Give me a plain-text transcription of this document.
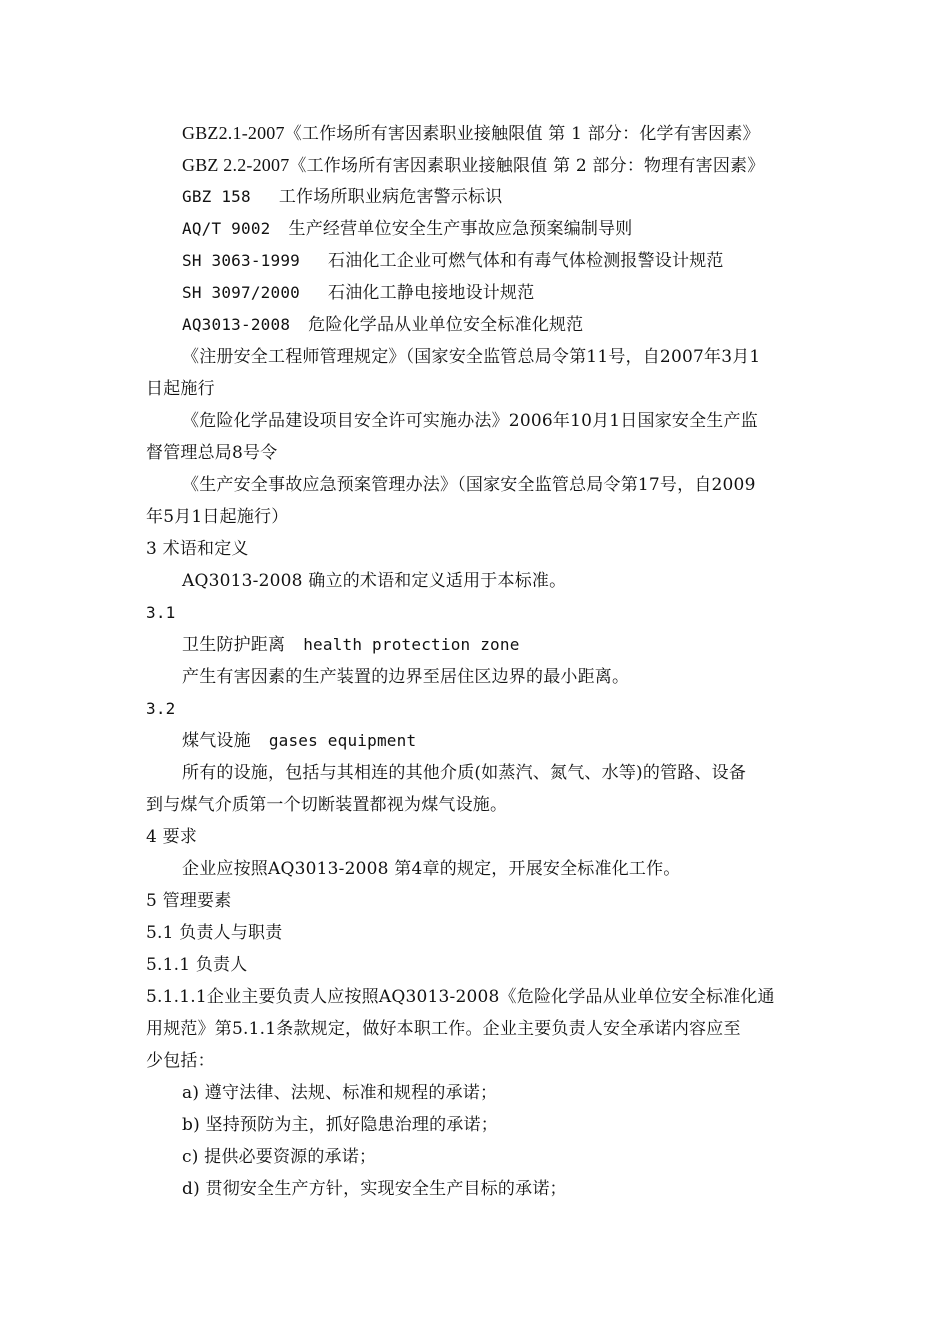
GBZ2.1-2007《工作场所有害因素职业接触限值 第 1 部分：化学有害因素》
GBZ 2.2-2007《工作场所有害因素职业接触限值 第 2 部分：物理有害因素》
GBZ 158 工作场所职业病危害警示标识
AQ/T 9002 生产经营单位安全生产事故应急预案编制导则
SH 3063-1999 石油化工企业可燃气体和有毒气体检测报警设计规范
SH 3097/2000 石油化工静电接地设计规范
AQ3013-2008 危险化学品从业单位安全标准化规范
《注册安全工程师管理规定》（国家安全监管总局令第11号，自2007年3月1
日起施行
《危险化学品建设项目安全许可实施办法》2006年10月1日国家安全生产监
督管理总局8号令
《生产安全事故应急预案管理办法》（国家安全监管总局令第17号，自2009
年5月1日起施行）
3 术语和定义
AQ3013-2008 确立的术语和定义适用于本标准。
3.1
卫生防护距离 health protection zone
产生有害因素的生产装置的边界至居住区边界的最小距离。
3.2
煤气设施 gases equipment
所有的设施，包括与其相连的其他介质(如蒸汽、氮气、水等)的管路、设备
到与煤气介质第一个切断装置都视为煤气设施。
4 要求
企业应按照AQ3013-2008 第4章的规定，开展安全标准化工作。
5 管理要素
5.1 负责人与职责
5.1.1 负责人
5.1.1.1企业主要负责人应按照AQ3013-2008《危险化学品从业单位安全标准化通
用规范》第5.1.1条款规定，做好本职工作。企业主要负责人安全承诺内容应至
少包括：
a) 遵守法律、法规、标准和规程的承诺；
b) 坚持预防为主，抓好隐患治理的承诺；
c) 提供必要资源的承诺；
d) 贯彻安全生产方针，实现安全生产目标的承诺；
